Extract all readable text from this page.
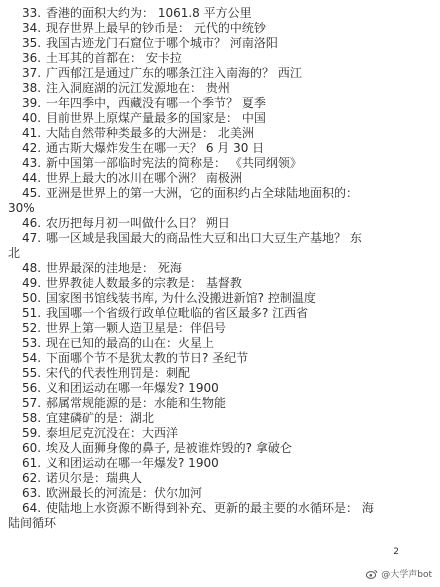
33. 香港的面积大约为： 1061.8 平方公里
34. 现存世界上最早的钞币是： 元代的中统钞
35. 我国古迹龙门石窟位于哪个城市？ 河南洛阳
36. 土耳其的首都在： 安卡拉
37. 广西郁江是通过广东的哪条江注入南海的？ 西江
38. 注入洞庭湖的沅江发源地在： 贵州
39. 一年四季中，西藏没有哪一个季节？ 夏季
40. 目前世界上原煤产量最多的国家是： 中国
41. 大陆自然带种类最多的大洲是： 北美洲
42. 通古斯大爆炸发生在哪一天？ 6 月 30 日
43. 新中国第一部临时宪法的简称是： 《共同纲领》
44. 世界上最大的冰川在哪个洲？ 南极洲
45. 亚洲是世界上的第一大洲，它的面积约占全球陆地面积的：
30%
46. 农历把每月初一叫做什么日？ 朔日
47. 哪一区域是我国最大的商品性大豆和出口大豆生产基地？ 东
北
48. 世界最深的洼地是： 死海
49. 世界教徒人数最多的宗教是： 基督教
50. 国家图书馆线装书库, 为什么没搬进新馆? 控制温度
51. 我国哪一个省级行政单位毗临的省区最多? 江西省
52. 世界上第一颗人造卫星是：伴侣号
53. 现在已知的最高的山在：火星上
54. 下面哪个节不是犹太教的节日? 圣纪节
55. 宋代的代表性刑罚是：刺配
56. 义和团运动在哪一年爆发? 1900
57. 郝属常规能源的是：水能和生物能
58. 宜建磷矿的是：湖北
59. 泰坦尼克沉没在：大西洋
60. 埃及人面狮身像的鼻子, 是被谁炸毁的? 拿破仑
61. 义和团运动在哪一年爆发? 1900
62. 诺贝尔是：瑞典人
63. 欧洲最长的河流是：伏尔加河
64. 使陆地上水资源不断得到补充、更新的最主要的水循环是： 海
陆间循环
2
@大学声bot
